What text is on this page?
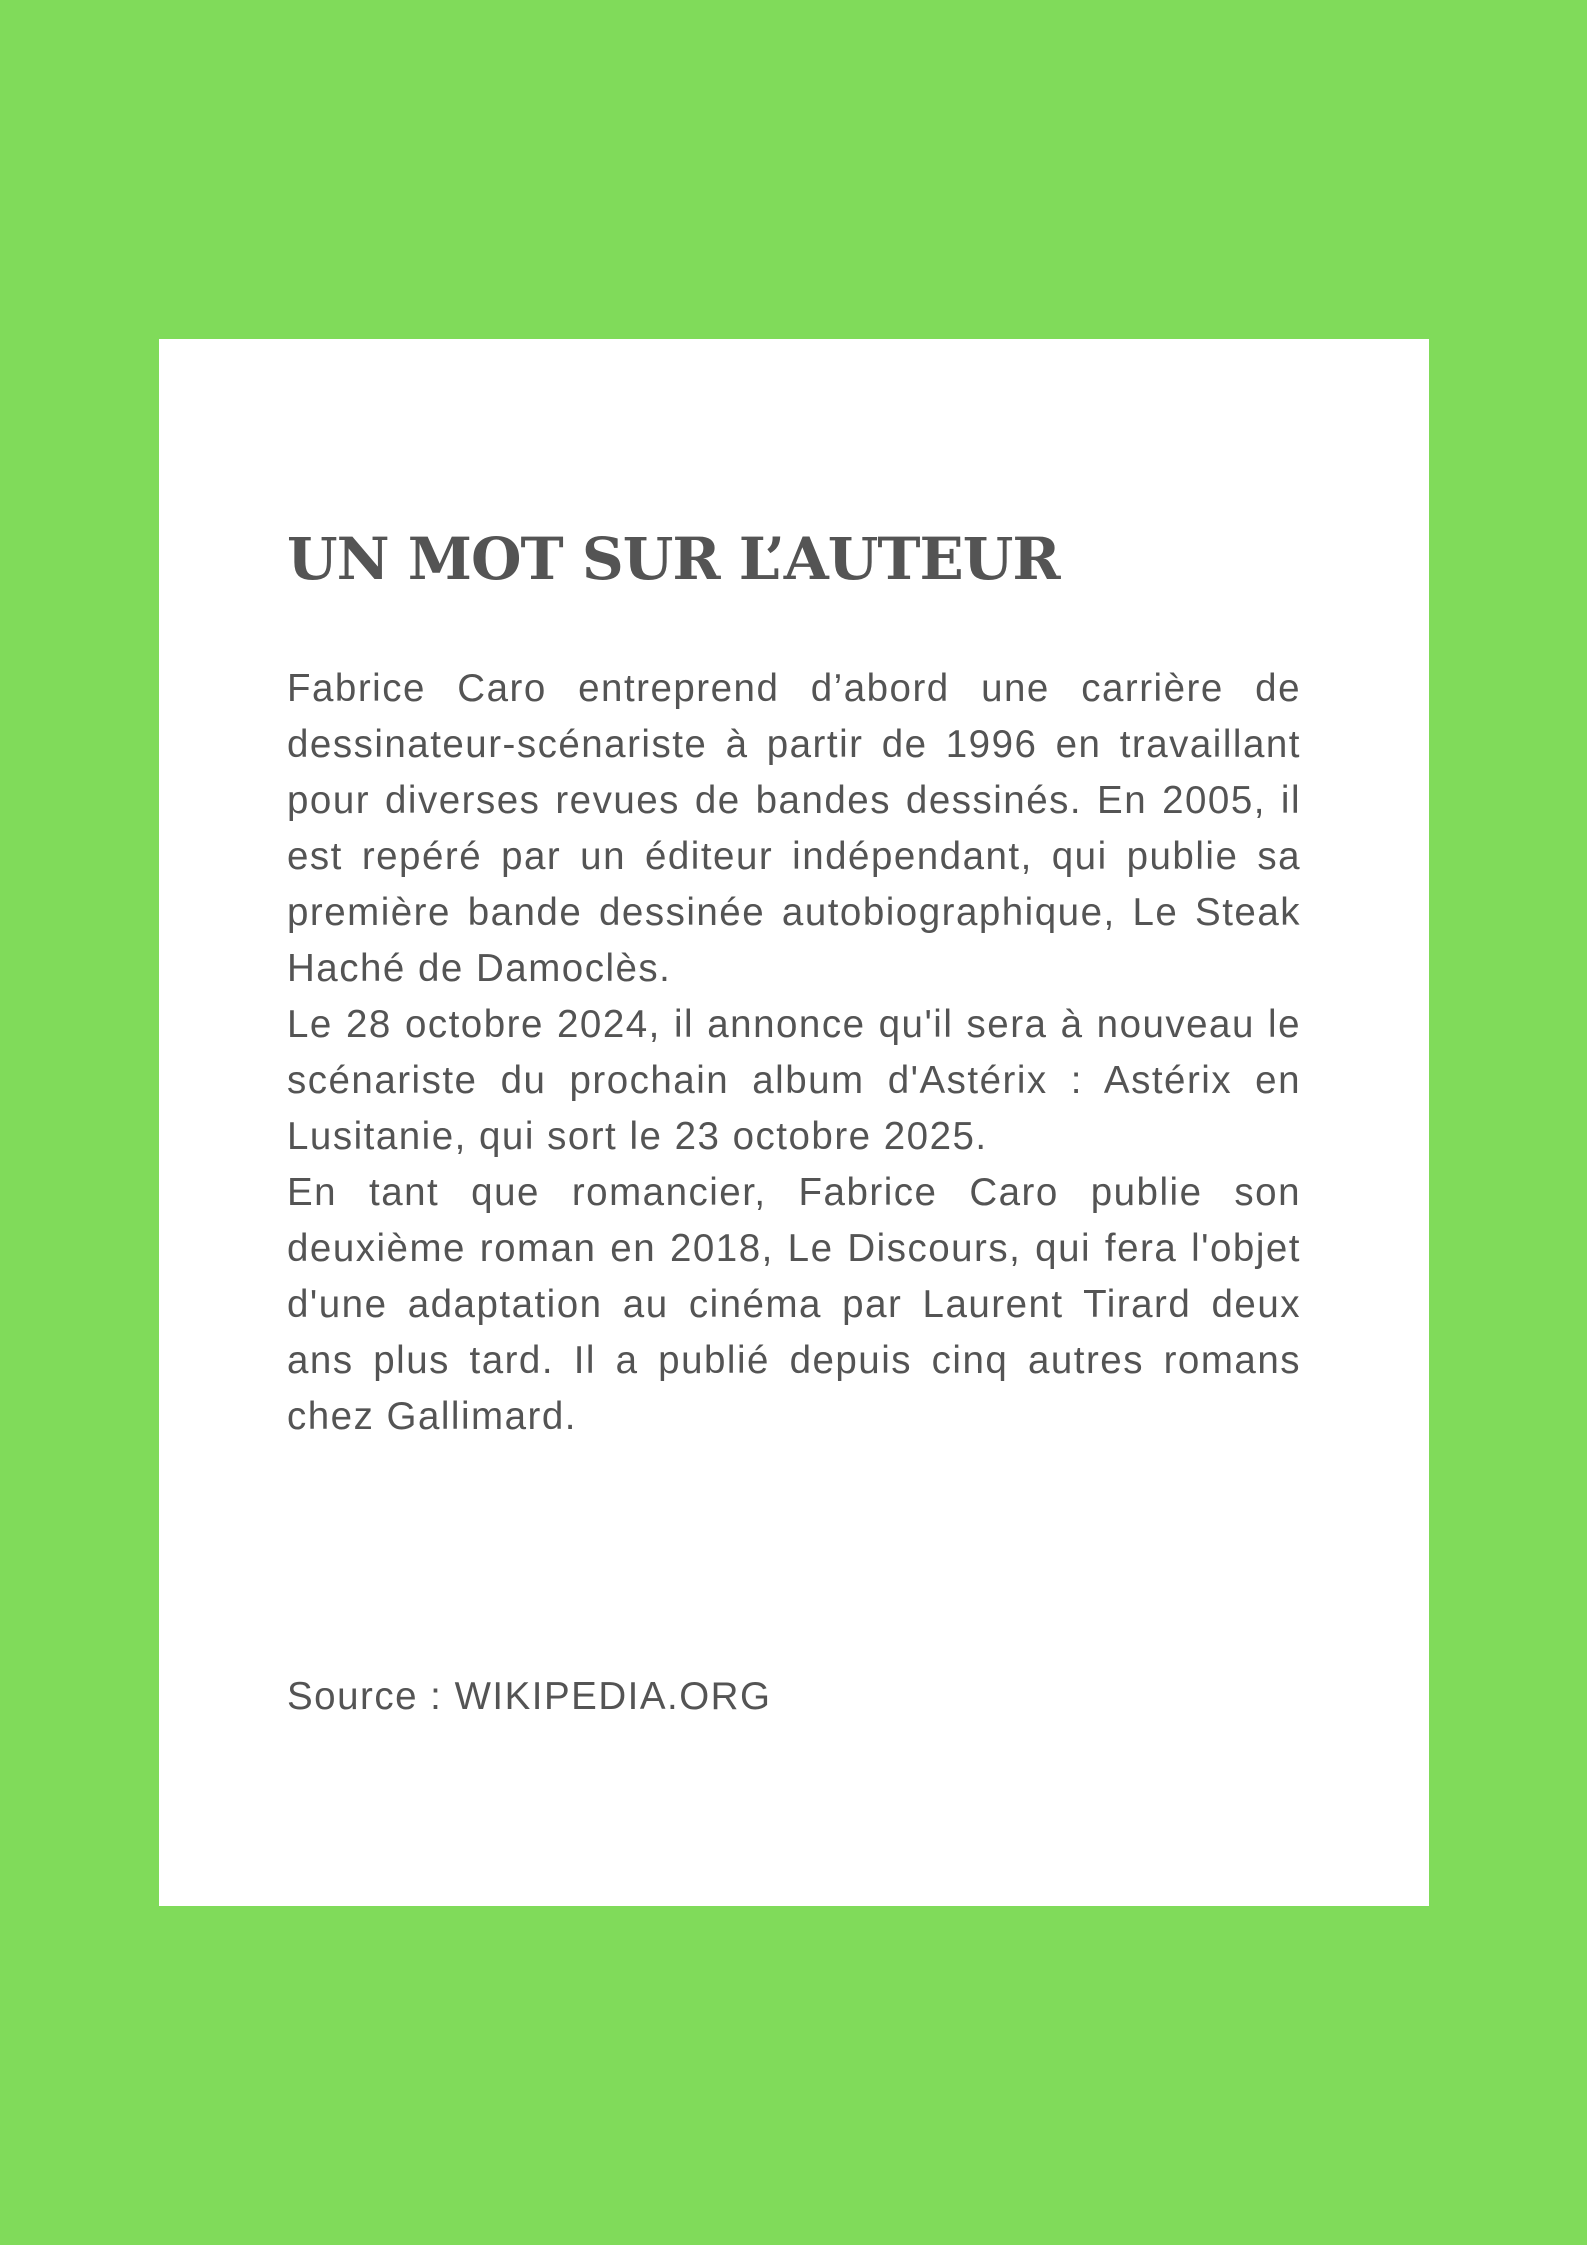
UN MOT SUR L’AUTEUR

Fabrice Caro entreprend d’abord une carrière de dessinateur-scénariste à partir de 1996 en travaillant pour diverses revues de bandes dessinés. En 2005, il est repéré par un éditeur indépendant, qui publie sa première bande dessinée autobiographique, Le Steak Haché de Damoclès.

Le 28 octobre 2024, il annonce qu'il sera à nouveau le scénariste du prochain album d'Astérix : Astérix en Lusitanie, qui sort le 23 octobre 2025.

En tant que romancier, Fabrice Caro publie son deuxième roman en 2018, Le Discours, qui fera l'objet d'une adaptation au cinéma par Laurent Tirard deux ans plus tard. Il a publié depuis cinq autres romans chez Gallimard.

Source : WIKIPEDIA.ORG
